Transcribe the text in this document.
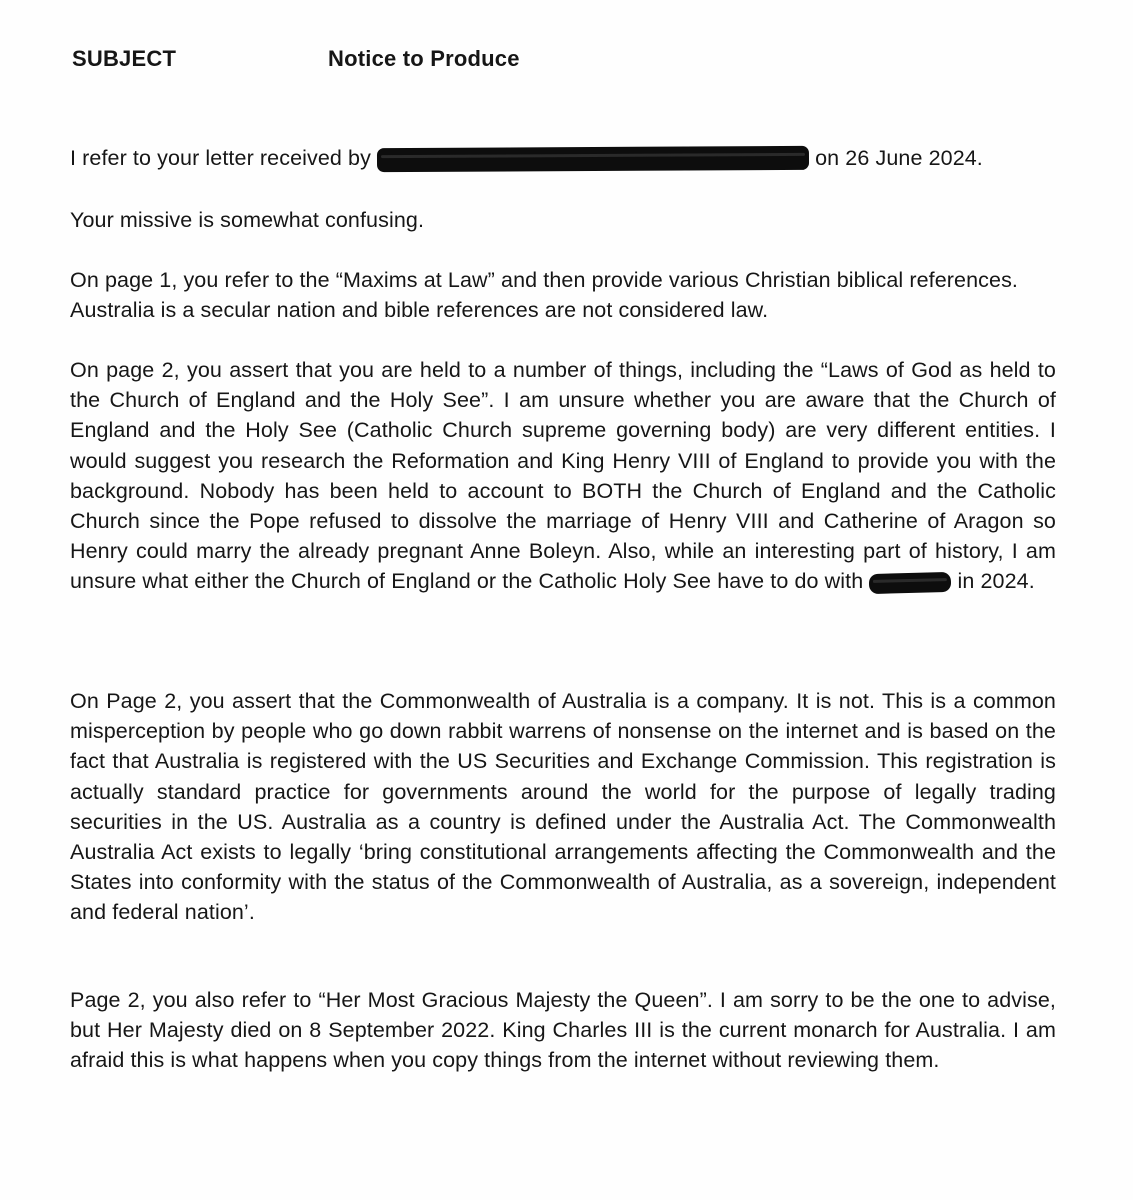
SUBJECT	Notice to Produce

I refer to your letter received by	on 26 June 2024.

Your missive is somewhat confusing.

On page 1, you refer to the “Maxims at Law” and then provide various Christian biblical references. Australia is a secular nation and bible references are not considered law.

On page 2, you assert that you are held to a number of things, including the “Laws of God as held to the Church of England and the Holy See”. I am unsure whether you are aware that the Church of England and the Holy See (Catholic Church supreme governing body) are very different entities. I would suggest you research the Reformation and King Henry VIII of England to provide you with the background. Nobody has been held to account to BOTH the Church of England and the Catholic Church since the Pope refused to dissolve the marriage of Henry VIII and Catherine of Aragon so Henry could marry the already pregnant Anne Boleyn. Also, while an interesting part of history, I am unsure what either the Church of England or the Catholic Holy See have to do with	in 2024.

On Page 2, you assert that the Commonwealth of Australia is a company. It is not. This is a common misperception by people who go down rabbit warrens of nonsense on the internet and is based on the fact that Australia is registered with the US Securities and Exchange Commission. This registration is actually standard practice for governments around the world for the purpose of legally trading securities in the US. Australia as a country is defined under the Australia Act. The Commonwealth Australia Act exists to legally ‘bring constitutional arrangements affecting the Commonwealth and the States into conformity with the status of the Commonwealth of Australia, as a sovereign, independent and federal nation’.

Page 2, you also refer to “Her Most Gracious Majesty the Queen”. I am sorry to be the one to advise, but Her Majesty died on 8 September 2022. King Charles III is the current monarch for Australia. I am afraid this is what happens when you copy things from the internet without reviewing them.
